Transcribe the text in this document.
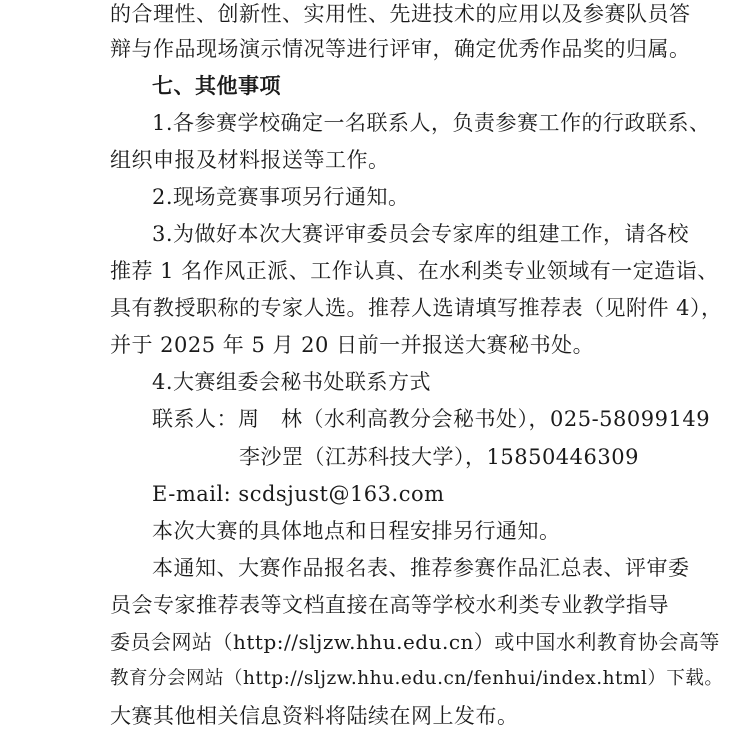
的合理性、创新性、实用性、先进技术的应用以及参赛队员答
辩与作品现场演示情况等进行评审，确定优秀作品奖的归属。
七、其他事项
1.各参赛学校确定一名联系人，负责参赛工作的行政联系、
组织申报及材料报送等工作。
2.现场竞赛事项另行通知。
3.为做好本次大赛评审委员会专家库的组建工作，请各校
推荐 1 名作风正派、工作认真、在水利类专业领域有一定造诣、
具有教授职称的专家人选。推荐人选请填写推荐表（见附件 4），
并于 2025 年 5 月 20 日前一并报送大赛秘书处。
4.大赛组委会秘书处联系方式
联系人：周　林（水利高教分会秘书处），025-58099149
李沙罡（江苏科技大学），15850446309
E-mail: scdsjust@163.com
本次大赛的具体地点和日程安排另行通知。
本通知、大赛作品报名表、推荐参赛作品汇总表、评审委
员会专家推荐表等文档直接在高等学校水利类专业教学指导
委员会网站（http://sljzw.hhu.edu.cn）或中国水利教育协会高等
教育分会网站（http://sljzw.hhu.edu.cn/fenhui/index.html）下载。
大赛其他相关信息资料将陆续在网上发布。
